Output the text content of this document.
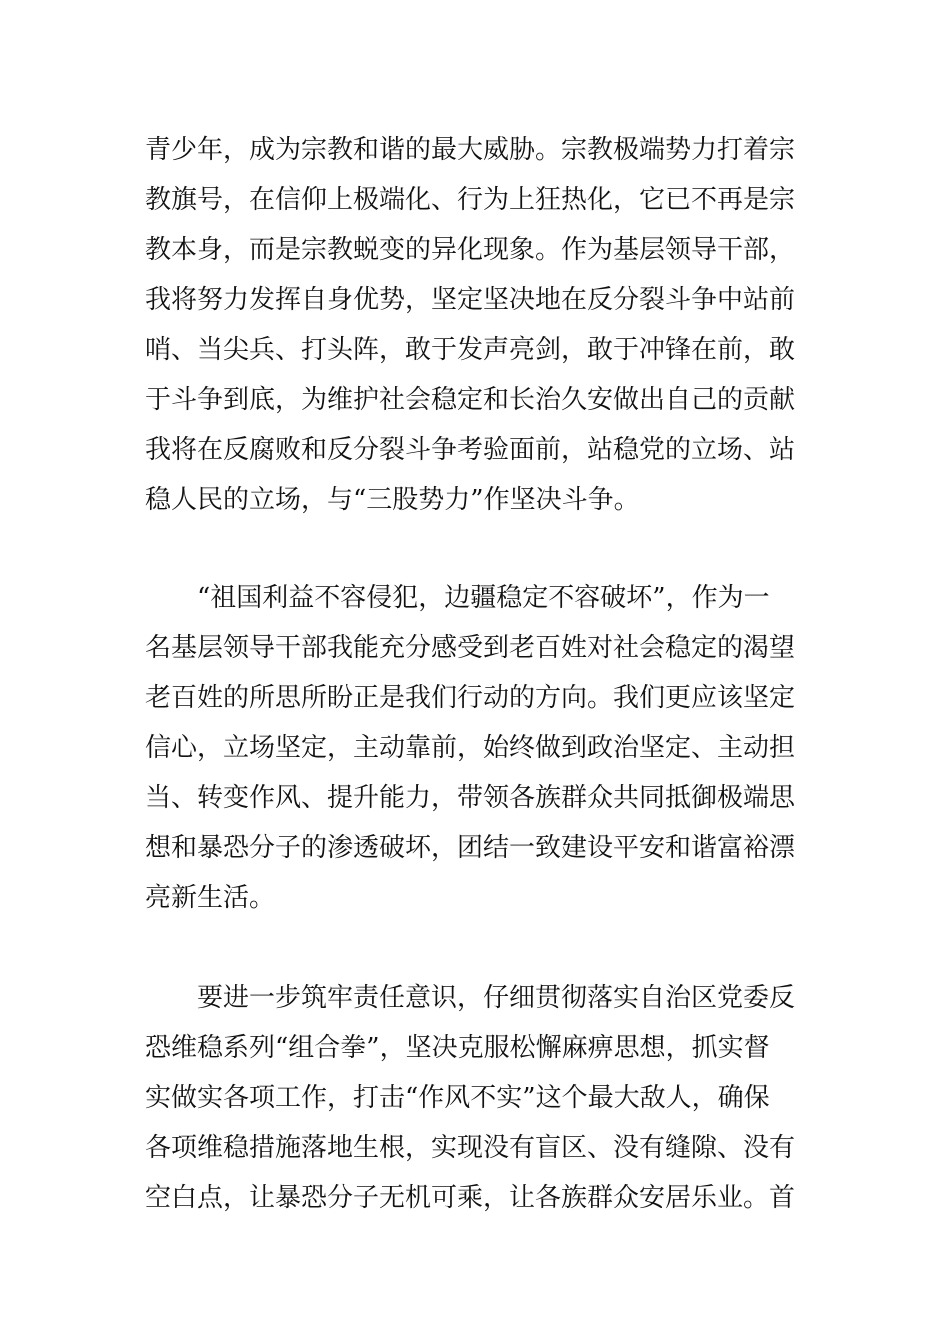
青少年，成为宗教和谐的最大威胁。宗教极端势力打着宗
教旗号，在信仰上极端化、行为上狂热化，它已不再是宗
教本身，而是宗教蜕变的异化现象。作为基层领导干部，
我将努力发挥自身优势，坚定坚决地在反分裂斗争中站前
哨、当尖兵、打头阵，敢于发声亮剑，敢于冲锋在前，敢
于斗争到底，为维护社会稳定和长治久安做出自己的贡献
我将在反腐败和反分裂斗争考验面前，站稳党的立场、站
稳人民的立场，与“三股势力”作坚决斗争。
“祖国利益不容侵犯，边疆稳定不容破坏”，作为一
名基层领导干部我能充分感受到老百姓对社会稳定的渴望
老百姓的所思所盼正是我们行动的方向。我们更应该坚定
信心，立场坚定，主动靠前，始终做到政治坚定、主动担
当、转变作风、提升能力，带领各族群众共同抵御极端思
想和暴恐分子的渗透破坏，团结一致建设平安和谐富裕漂
亮新生活。
要进一步筑牢责任意识，仔细贯彻落实自治区党委反
恐维稳系列“组合拳”，坚决克服松懈麻痹思想，抓实督
实做实各项工作，打击“作风不实”这个最大敌人，确保
各项维稳措施落地生根，实现没有盲区、没有缝隙、没有
空白点，让暴恐分子无机可乘，让各族群众安居乐业。首
